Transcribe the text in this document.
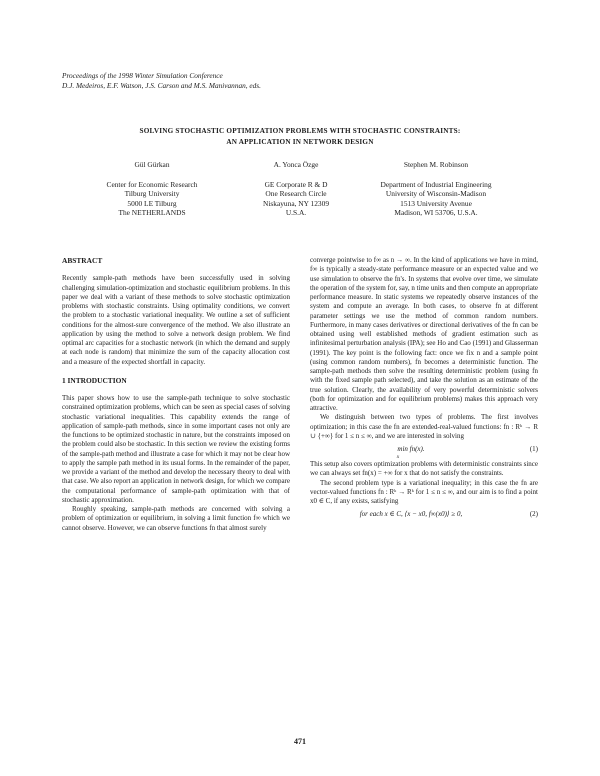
Proceedings of the 1998 Winter Simulation Conference
D.J. Medeiros, E.F. Watson, J.S. Carson and M.S. Manivannan, eds.
SOLVING STOCHASTIC OPTIMIZATION PROBLEMS WITH STOCHASTIC CONSTRAINTS:
AN APPLICATION IN NETWORK DESIGN
Gül Gürkan
Center for Economic Research
Tilburg University
5000 LE Tilburg
The NETHERLANDS
A. Yonca Özge
GE Corporate R & D
One Research Circle
Niskayuna, NY 12309
U.S.A.
Stephen M. Robinson
Department of Industrial Engineering
University of Wisconsin-Madison
1513 University Avenue
Madison, WI 53706, U.S.A.

ABSTRACT

Recently sample-path methods have been successfully used in solving challenging simulation-optimization and stochastic equilibrium problems. In this paper we deal with a variant of these methods to solve stochastic optimization problems with stochastic constraints. Using optimality conditions, we convert the problem to a stochastic variational inequality. We outline a set of sufficient conditions for the almost-sure convergence of the method. We also illustrate an application by using the method to solve a network design problem. We find optimal arc capacities for a stochastic network (in which the demand and supply at each node is random) that minimize the sum of the capacity allocation cost and a measure of the expected shortfall in capacity.

1 INTRODUCTION

This paper shows how to use the sample-path technique to solve stochastic constrained optimization problems, which can be seen as special cases of solving stochastic variational inequalities. This capability extends the range of application of sample-path methods, since in some important cases not only are the functions to be optimized stochastic in nature, but the constraints imposed on the problem could also be stochastic. In this section we review the existing forms of the sample-path method and illustrate a case for which it may not be clear how to apply the sample path method in its usual forms. In the remainder of the paper, we provide a variant of the method and develop the necessary theory to deal with that case. We also report an application in network design, for which we compare the computational performance of sample-path optimization with that of stochastic approximation.

Roughly speaking, sample-path methods are concerned with solving a problem of optimization or equilibrium, in solving a limit function f∞ which we cannot observe. However, we can observe functions fn that almost surely

converge pointwise to f∞ as n → ∞. In the kind of applications we have in mind, f∞ is typically a steady-state performance measure or an expected value and we use simulation to observe the fn's. In systems that evolve over time, we simulate the operation of the system for, say, n time units and then compute an appropriate performance measure. In static systems we repeatedly observe instances of the system and compute an average. In both cases, to observe fn at different parameter settings we use the method of common random numbers. Furthermore, in many cases derivatives or directional derivatives of the fn can be obtained using well established methods of gradient estimation such as infinitesimal perturbation analysis (IPA); see Ho and Cao (1991) and Glasserman (1991). The key point is the following fact: once we fix n and a sample point (using common random numbers), fn becomes a deterministic function. The sample-path methods then solve the resulting deterministic problem (using fn with the fixed sample path selected), and take the solution as an estimate of the true solution. Clearly, the availability of very powerful deterministic solvers (both for optimization and for equilibrium problems) makes this approach very attractive.

We distinguish between two types of problems. The first involves optimization; in this case the fn are extended-real-valued functions: fn : Rᵏ → R ∪ {+∞} for 1 ≤ n ≤ ∞, and we are interested in solving

min fn(x).
x
(1)

This setup also covers optimization problems with deterministic constraints since we can always set fn(x) = +∞ for x that do not satisfy the constraints.

The second problem type is a variational inequality; in this case the fn are vector-valued functions fn : Rᵏ → Rᵏ for 1 ≤ n ≤ ∞, and our aim is to find a point x0 ∈ C, if any exists, satisfying

for each x ∈ C, ⟨x − x0, f∞(x0)⟩ ≥ 0,	(2)
471
